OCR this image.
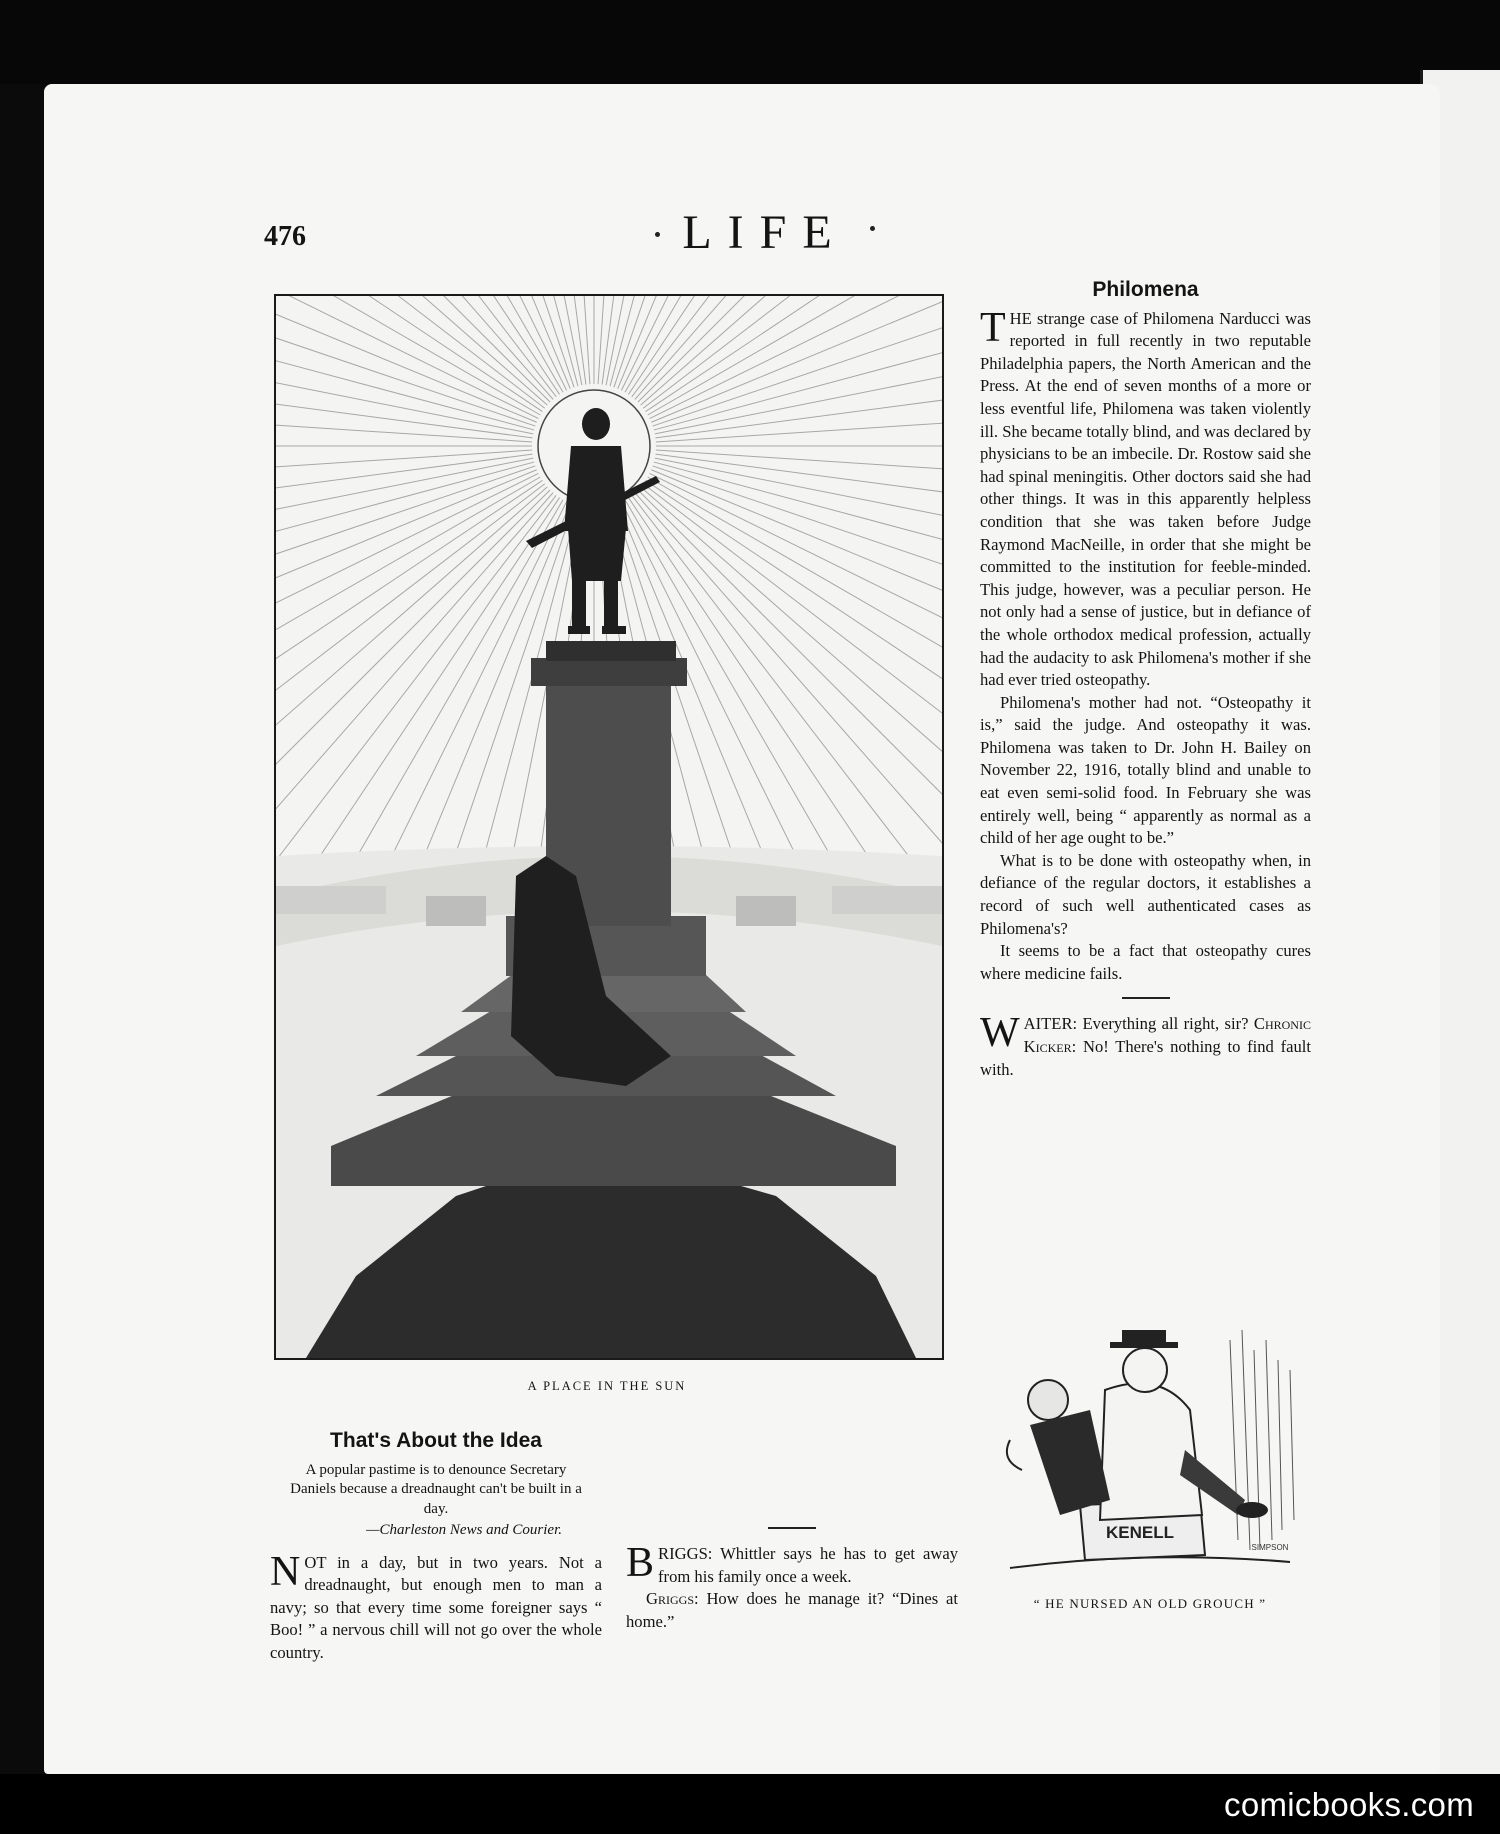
476	LIFE
A PLACE IN THE SUN
Philomena

T HE strange case of Philomena Narducci was reported in full recently in two reputable Philadelphia papers, the North American and the Press. At the end of seven months of a more or less eventful life, Philomena was taken violently ill. She became totally blind, and was declared by physicians to be an imbecile. Dr. Rostow said she had spinal meningitis. Other doctors said she had other things. It was in this apparently helpless condition that she was taken before Judge Raymond MacNeille, in order that she might be committed to the institution for feeble-minded. This judge, however, was a peculiar person. He not only had a sense of justice, but in defiance of the whole orthodox medical profession, actually had the audacity to ask Philomena's mother if she had ever tried osteopathy.

Philomena's mother had not. “Osteopathy it is,” said the judge. And osteopathy it was. Philomena was taken to Dr. John H. Bailey on November 22, 1916, totally blind and unable to eat even semi-solid food. In February she was entirely well, being “ apparently as normal as a child of her age ought to be.”

What is to be done with osteopathy when, in defiance of the regular doctors, it establishes a record of such well authenticated cases as Philomena's?

It seems to be a fact that osteopathy cures where medicine fails.

W AITER: Everything all right, sir? Chronic Kicker: No! There's nothing to find fault with.

KENELL
SIMPSON
“ HE NURSED AN OLD GROUCH ”
That's About the Idea
A popular pastime is to denounce Secretary Daniels because a dreadnaught can't be built in a day.
—Charleston News and Courier.

N OT in a day, but in two years. Not a dreadnaught, but enough men to man a navy; so that every time some foreigner says “ Boo! ” a nervous chill will not go over the whole country.

B RIGGS: Whittler says he has to get away from his family once a week.

Griggs: How does he manage it? “Dines at home.”

comicbooks.com
